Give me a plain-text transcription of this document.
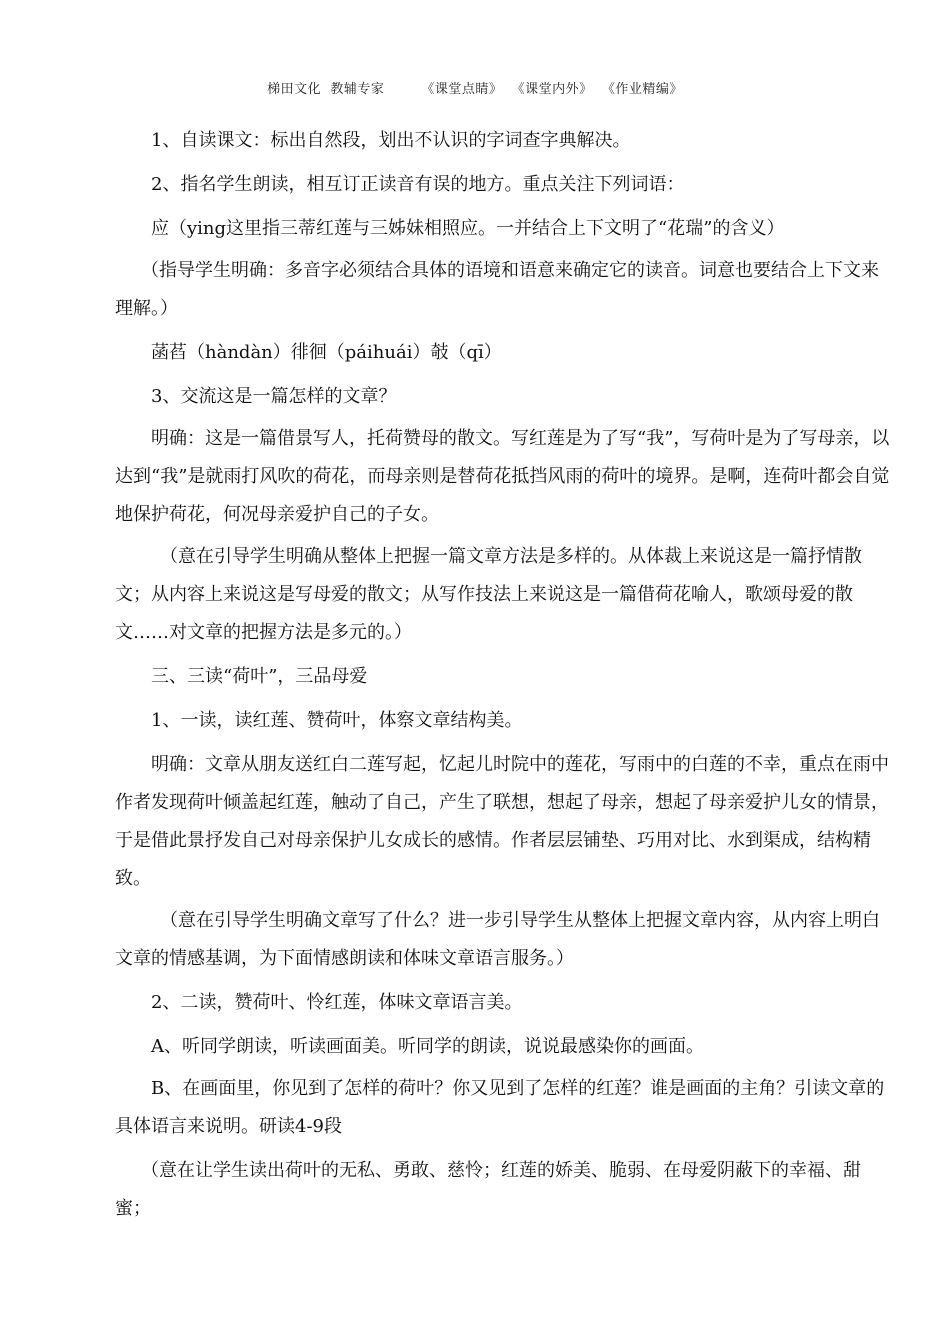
梯田文化  教辅专家        《课堂点睛》  《课堂内外》  《作业精编》

1、自读课文：标出自然段，划出不认识的字词查字典解决。

2、指名学生朗读，相互订正读音有误的地方。重点关注下列词语：

应（ying这里指三蒂红莲与三姊妹相照应。一并结合上下文明了“花瑞”的含义）

（指导学生明确：多音字必须结合具体的语境和语意来确定它的读音。词意也要结合上下文来理解。）

菡萏（hàndàn）徘徊（páihuái）攲（qī）

3、交流这是一篇怎样的文章？

明确：这是一篇借景写人，托荷赞母的散文。写红莲是为了写“我”，写荷叶是为了写母亲，以达到“我”是就雨打风吹的荷花，而母亲则是替荷花抵挡风雨的荷叶的境界。是啊，连荷叶都会自觉地保护荷花，何况母亲爱护自己的子女。

（意在引导学生明确从整体上把握一篇文章方法是多样的。从体裁上来说这是一篇抒情散文；从内容上来说这是写母爱的散文；从写作技法上来说这是一篇借荷花喻人，歌颂母爱的散文……对文章的把握方法是多元的。）

三、三读“荷叶”，三品母爱

1、一读，读红莲、赞荷叶，体察文章结构美。

明确：文章从朋友送红白二莲写起，忆起儿时院中的莲花，写雨中的白莲的不幸，重点在雨中作者发现荷叶倾盖起红莲，触动了自己，产生了联想，想起了母亲，想起了母亲爱护儿女的情景，于是借此景抒发自己对母亲保护儿女成长的感情。作者层层铺垫、巧用对比、水到渠成，结构精致。

（意在引导学生明确文章写了什么？进一步引导学生从整体上把握文章内容，从内容上明白文章的情感基调，为下面情感朗读和体味文章语言服务。）

2、二读，赞荷叶、怜红莲，体味文章语言美。

A、听同学朗读，听读画面美。听同学的朗读，说说最感染你的画面。

B、在画面里，你见到了怎样的荷叶？你又见到了怎样的红莲？谁是画面的主角？引读文章的具体语言来说明。研读4-9段

（意在让学生读出荷叶的无私、勇敢、慈怜；红莲的娇美、脆弱、在母爱阴蔽下的幸福、甜蜜；
